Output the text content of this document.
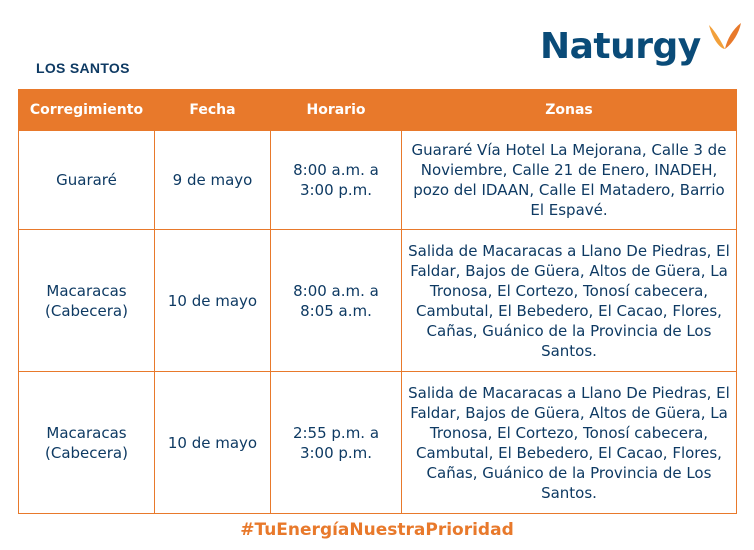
LOS SANTOS
Naturgy
Corregimiento	Fecha	Horario	Zonas
Guararé	9 de mayo	8:00 a.m. a 3:00 p.m.	Guararé Vía Hotel La Mejorana, Calle 3 de Noviembre, Calle 21 de Enero, INADEH, pozo del IDAAN, Calle El Matadero, Barrio El Espavé.
Macaracas (Cabecera)	10 de mayo	8:00 a.m. a 8:05 a.m.	Salida de Macaracas a Llano De Piedras, El Faldar, Bajos de Güera, Altos de Güera, La Tronosa, El Cortezo, Tonosí cabecera, Cambutal, El Bebedero, El Cacao, Flores, Cañas, Guánico de la Provincia de Los Santos.
Macaracas (Cabecera)	10 de mayo	2:55 p.m. a 3:00 p.m.	Salida de Macaracas a Llano De Piedras, El Faldar, Bajos de Güera, Altos de Güera, La Tronosa, El Cortezo, Tonosí cabecera, Cambutal, El Bebedero, El Cacao, Flores, Cañas, Guánico de la Provincia de Los Santos.
#TuEnergíaNuestraPrioridad
